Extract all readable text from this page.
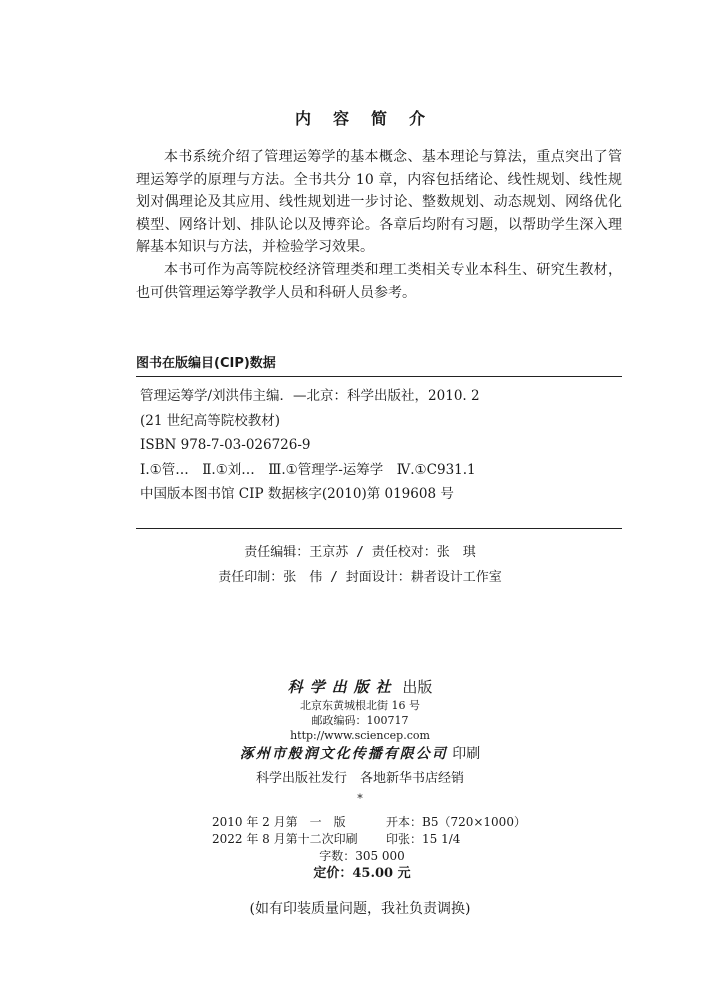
内容简介

本书系统介绍了管理运筹学的基本概念、基本理论与算法，重点突出了管理运筹学的原理与方法。全书共分 10 章，内容包括绪论、线性规划、线性规划对偶理论及其应用、线性规划进一步讨论、整数规划、动态规划、网络优化模型、网络计划、排队论以及博弈论。各章后均附有习题，以帮助学生深入理解基本知识与方法，并检验学习效果。

本书可作为高等院校经济管理类和理工类相关专业本科生、研究生教材，也可供管理运筹学教学人员和科研人员参考。

图书在版编目(CIP)数据
管理运筹学/刘洪伟主编．—北京：科学出版社，2010. 2
(21 世纪高等院校教材)
ISBN 978-7-03-026726-9
Ⅰ.①管…　Ⅱ.①刘…　Ⅲ.①管理学-运筹学　Ⅳ.①C931.1
中国版本图书馆 CIP 数据核字(2010)第 019608 号
责任编辑：王京苏 / 责任校对：张　琪
责任印制：张　伟 / 封面设计：耕者设计工作室
科学出版社 出版
北京东黄城根北街 16 号
邮政编码：100717
http://www.sciencep.com
涿州市般润文化传播有限公司 印刷
科学出版社发行　各地新华书店经销
*
2010 年 2 月第　一　版	开本：B5（720×1000）
2022 年 8 月第十二次印刷	印张：15 1/4
字数：305 000
定价：45.00 元
(如有印装质量问题，我社负责调换)
